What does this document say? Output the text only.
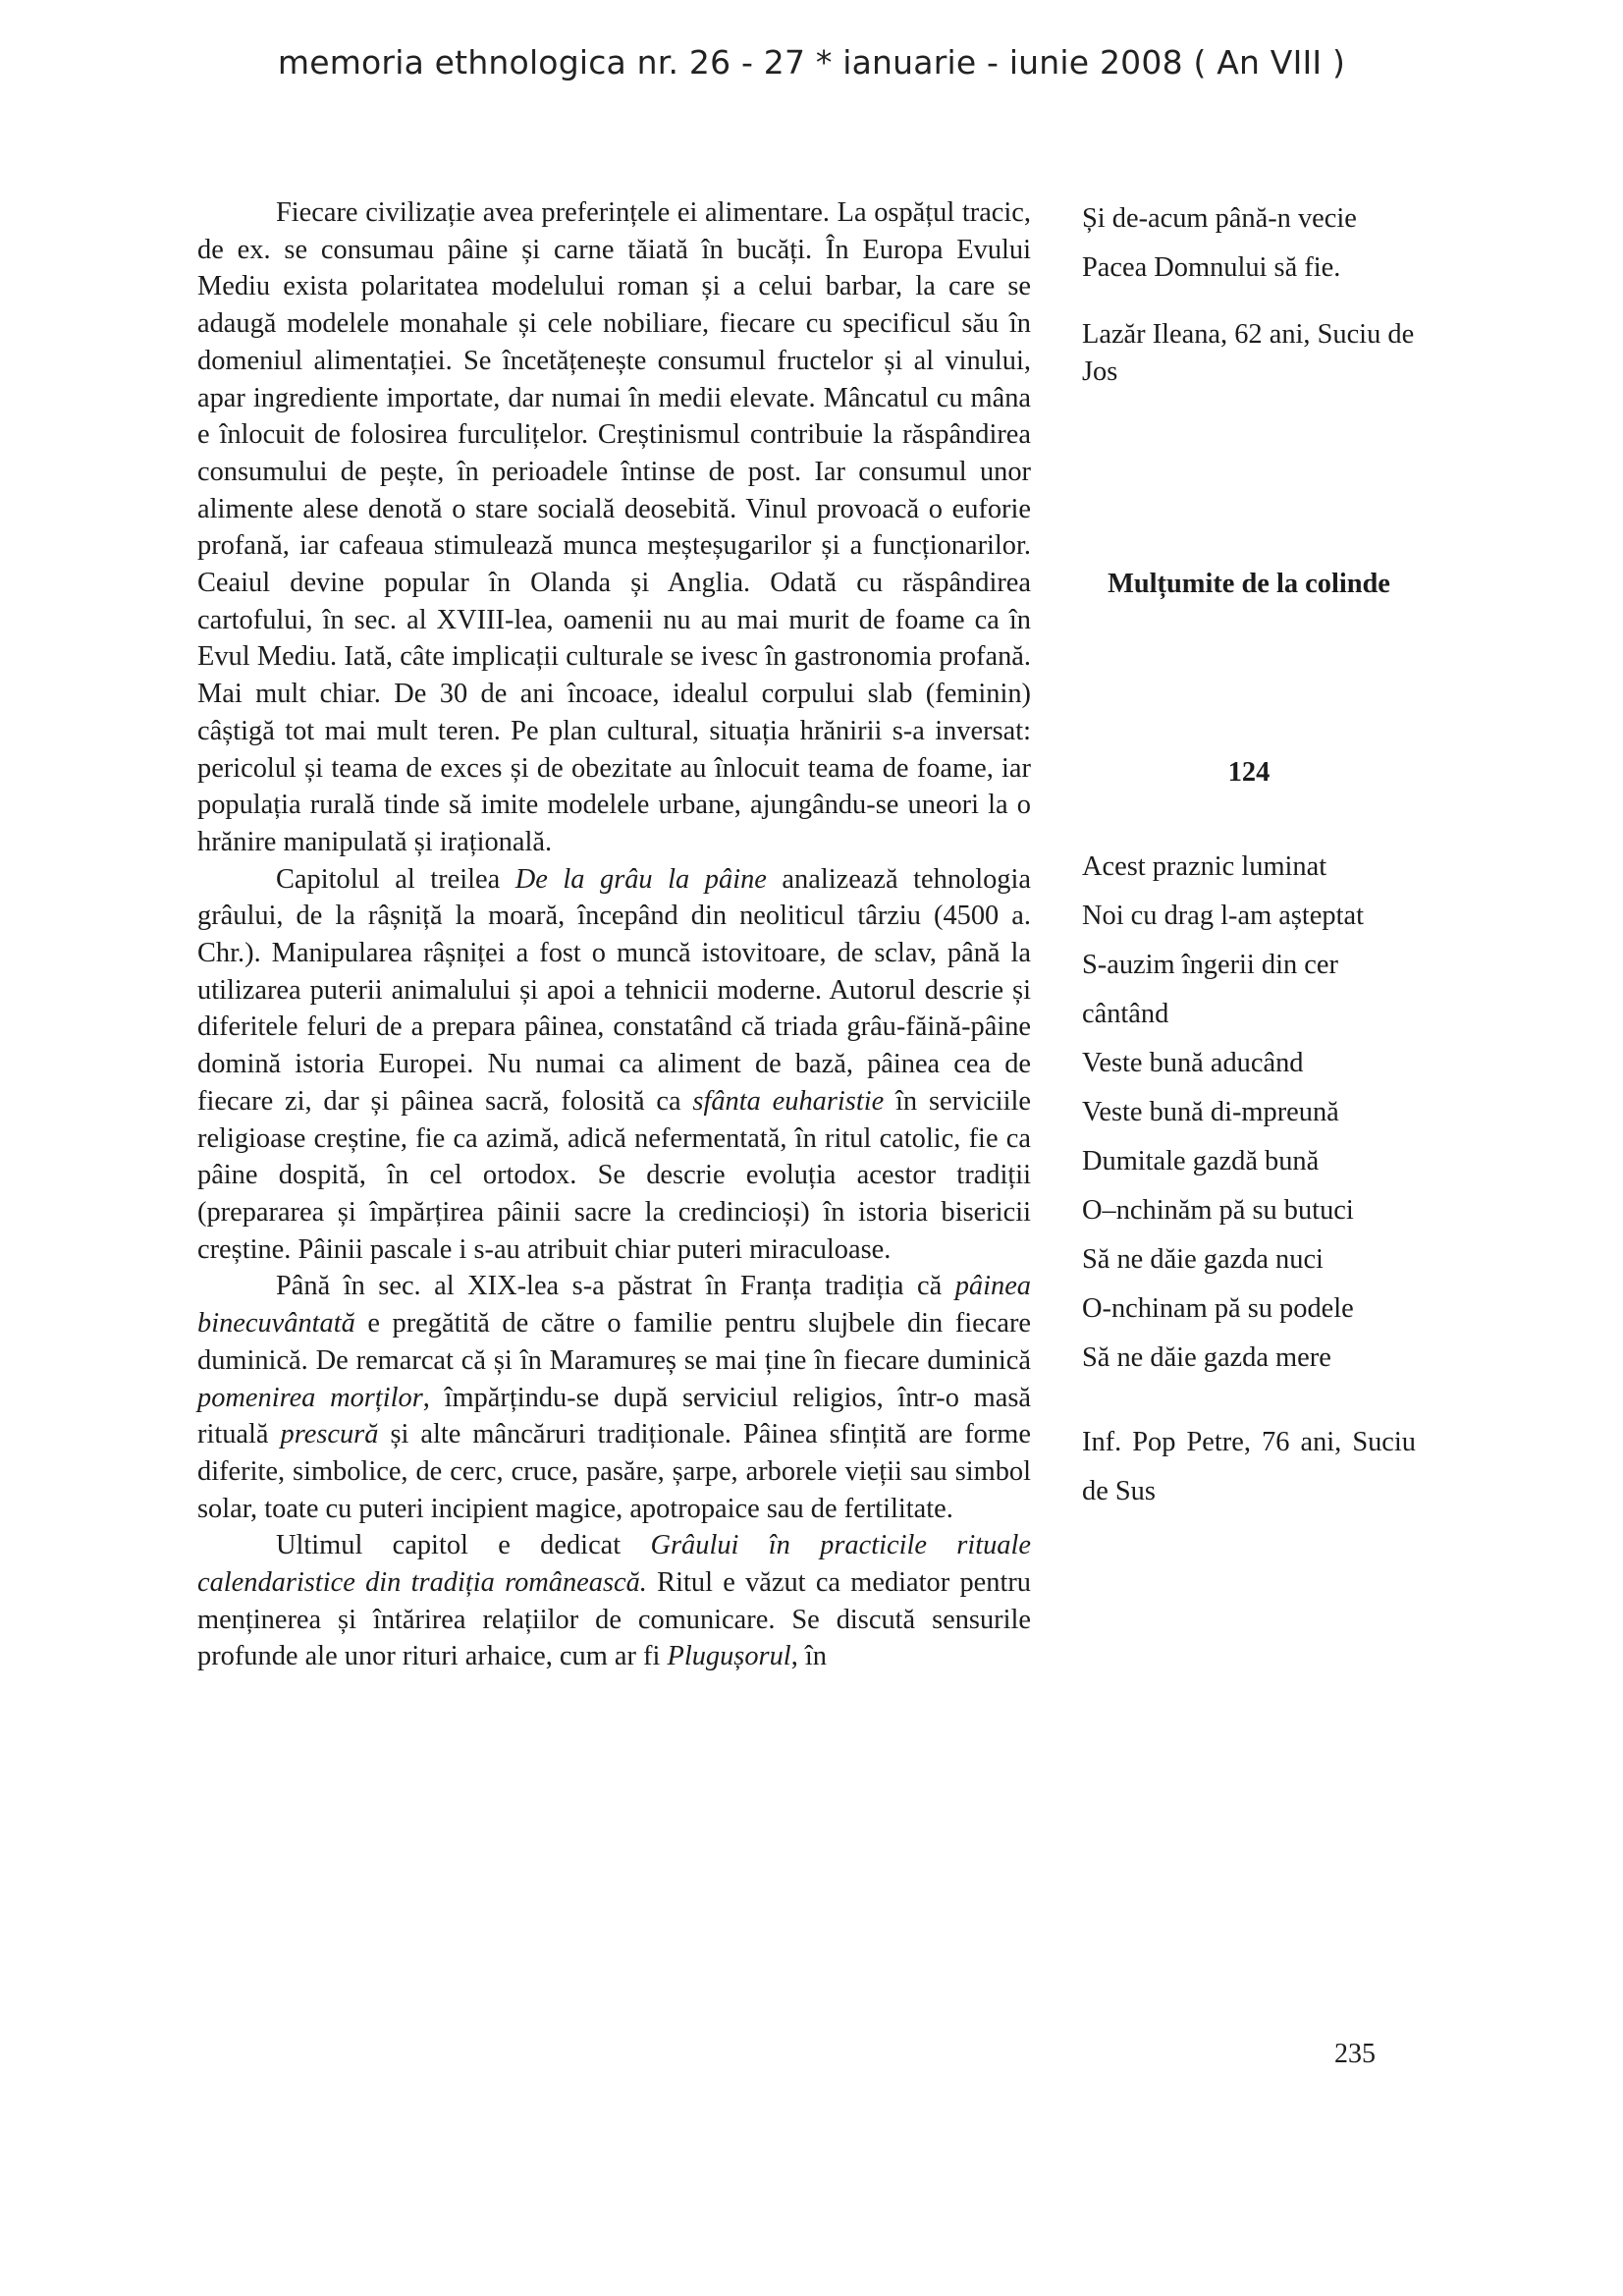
memoria ethnologica nr. 26 - 27 * ianuarie - iunie 2008 ( An VIII )

Fiecare civilizație avea preferințele ei alimentare. La ospățul tracic, de ex. se consumau pâine și carne tăiată în bucăți. În Europa Evului Mediu exista polaritatea modelului roman și a celui barbar, la care se adaugă modelele monahale și cele nobiliare, fiecare cu specificul său în domeniul alimentației. Se încetățenește consumul fructelor și al vinului, apar ingrediente importate, dar numai în medii elevate. Mâncatul cu mâna e înlocuit de folosirea furculițelor. Creștinismul contribuie la răspândirea consumului de pește, în perioadele întinse de post. Iar consumul unor alimente alese denotă o stare socială deosebită. Vinul provoacă o euforie profană, iar cafeaua stimulează munca meșteșugarilor și a funcționarilor. Ceaiul devine popular în Olanda și Anglia. Odată cu răspândirea cartofului, în sec. al XVIII-lea, oamenii nu au mai murit de foame ca în Evul Mediu. Iată, câte implicații culturale se ivesc în gastronomia profană. Mai mult chiar. De 30 de ani încoace, idealul corpului slab (feminin) câștigă tot mai mult teren. Pe plan cultural, situația hrănirii s-a inversat: pericolul și teama de exces și de obezitate au înlocuit teama de foame, iar populația rurală tinde să imite modelele urbane, ajungându-se uneori la o hrănire manipulată și irațională.

Capitolul al treilea De la grâu la pâine analizează tehnologia grâului, de la râșniță la moară, începând din neoliticul târziu (4500 a. Chr.). Manipularea râșniței a fost o muncă istovitoare, de sclav, până la utilizarea puterii animalului și apoi a tehnicii moderne. Autorul descrie și diferitele feluri de a prepara pâinea, constatând că triada grâu-făină-pâine domină istoria Europei. Nu numai ca aliment de bază, pâinea cea de fiecare zi, dar și pâinea sacră, folosită ca sfânta euharistie în serviciile religioase creștine, fie ca azimă, adică nefermentată, în ritul catolic, fie ca pâine dospită, în cel ortodox. Se descrie evoluția acestor tradiții (prepararea și împărțirea pâinii sacre la credincioși) în istoria bisericii creștine. Pâinii pascale i s-au atribuit chiar puteri miraculoase.

Până în sec. al XIX-lea s-a păstrat în Franța tradiția că pâinea binecuvântată e pregătită de către o familie pentru slujbele din fiecare duminică. De remarcat că și în Maramureș se mai ține în fiecare duminică pomenirea morților, împărțindu-se după serviciul religios, într-o masă rituală prescură și alte mâncăruri tradiționale. Pâinea sfințită are forme diferite, simbolice, de cerc, cruce, pasăre, șarpe, arborele vieții sau simbol solar, toate cu puteri incipient magice, apotropaice sau de fertilitate.

Ultimul capitol e dedicat Grâului în practicile rituale calendaristice din tradiția românească. Ritul e văzut ca mediator pentru menținerea și întărirea relațiilor de comunicare. Se discută sensurile profunde ale unor rituri arhaice, cum ar fi Plugușorul, în

Și de-acum până-n vecie
Pacea Domnului să fie.
Lazăr Ileana, 62 ani, Suciu de Jos
Mulțumite de la colinde
124
Acest praznic luminat
Noi cu drag l-am așteptat
S-auzim îngerii din cer
cântând
Veste bună aducând
Veste bună di-mpreună
Dumitale gazdă bună
O–nchinăm pă su butuci
Să ne dăie gazda nuci
O-nchinam pă su podele
Să ne dăie gazda mere
Inf. Pop Petre, 76 ani, Suciu de Sus
235
